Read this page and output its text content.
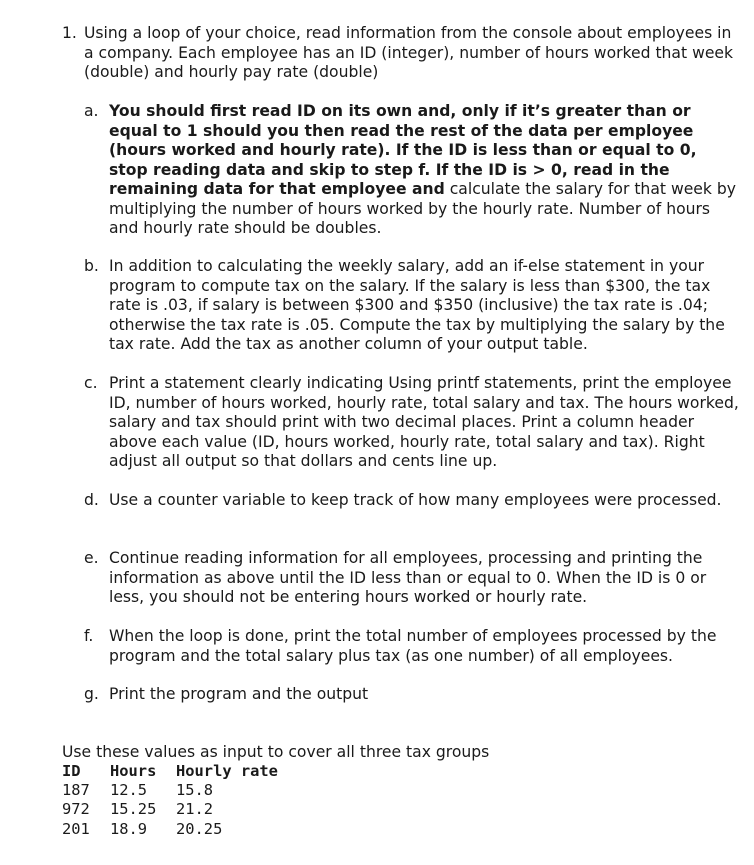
1. Using a loop of your choice, read information from the console about employees in a company. Each employee has an ID (integer), number of hours worked that week (double) and hourly pay rate (double)
a. You should first read ID on its own and, only if it’s greater than or equal to 1 should you then read the rest of the data per employee (hours worked and hourly rate). If the ID is less than or equal to 0, stop reading data and skip to step f. If the ID is > 0, read in the remaining data for that employee and calculate the salary for that week by multiplying the number of hours worked by the hourly rate. Number of hours and hourly rate should be doubles.
b. In addition to calculating the weekly salary, add an if-else statement in your program to compute tax on the salary. If the salary is less than $300, the tax rate is .03, if salary is between $300 and $350 (inclusive) the tax rate is .04; otherwise the tax rate is .05. Compute the tax by multiplying the salary by the tax rate. Add the tax as another column of your output table.
c. Print a statement clearly indicating Using printf statements, print the employee ID, number of hours worked, hourly rate, total salary and tax. The hours worked, salary and tax should print with two decimal places. Print a column header above each value (ID, hours worked, hourly rate, total salary and tax). Right adjust all output so that dollars and cents line up.
d. Use a counter variable to keep track of how many employees were processed.
e. Continue reading information for all employees, processing and printing the information as above until the ID less than or equal to 0. When the ID is 0 or less, you should not be entering hours worked or hourly rate.
f. When the loop is done, print the total number of employees processed by the program and the total salary plus tax (as one number) of all employees.
g. Print the program and the output
Use these values as input to cover all three tax groups
ID	Hours	Hourly rate
187	12.5	15.8
972	15.25	21.2
201	18.9	20.25
